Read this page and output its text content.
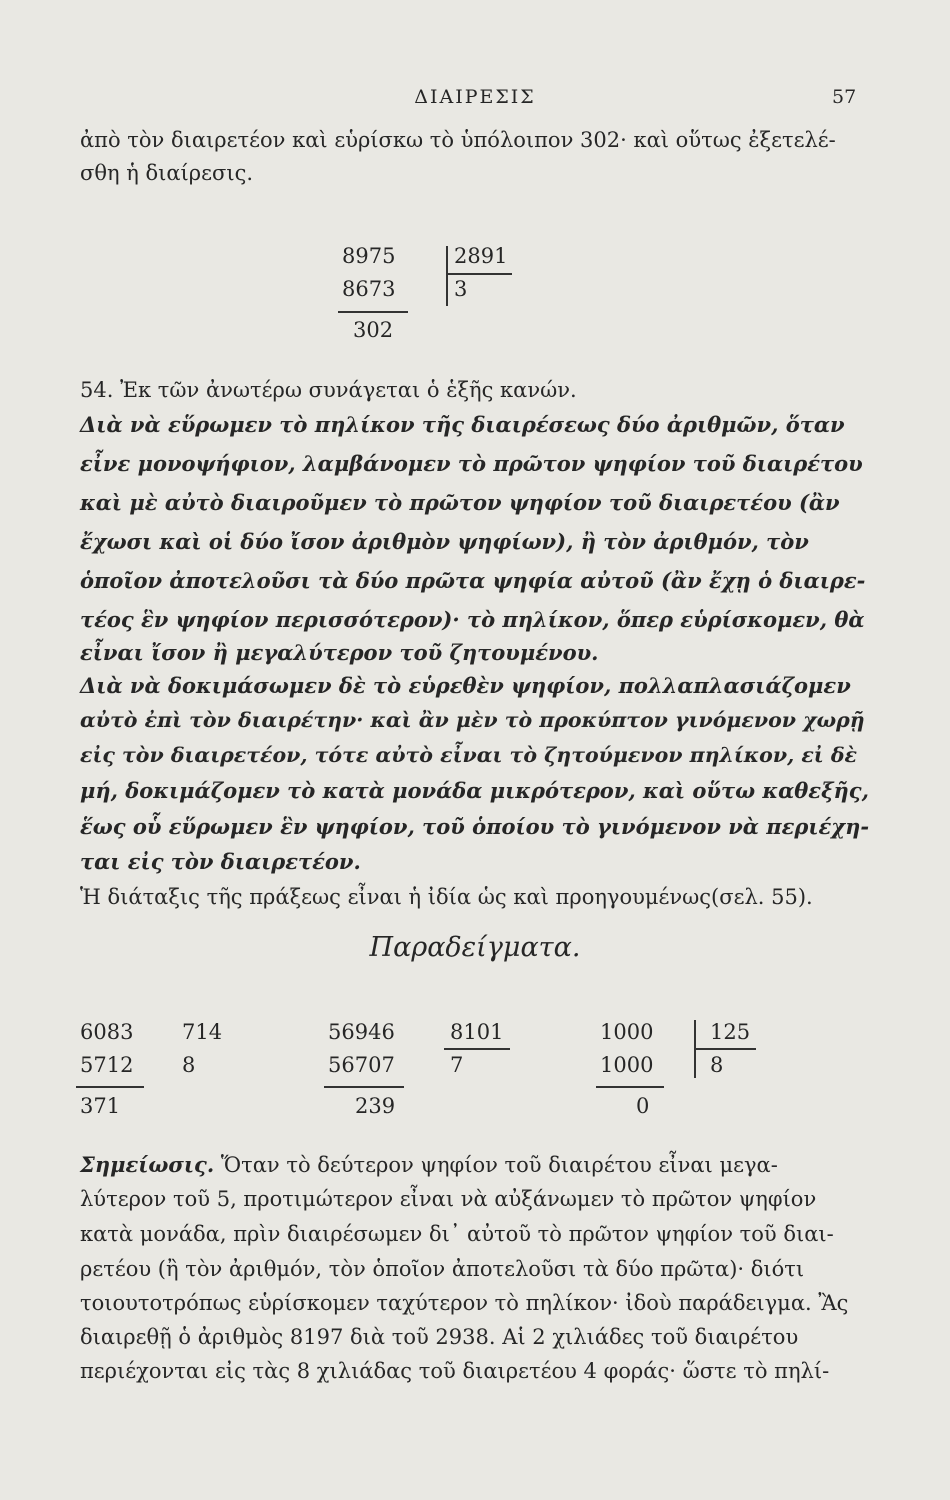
ΔΙΑΙΡΕΣΙΣ	57
ἀπὸ τὸν διαιρετέον καὶ εὑρίσκω τὸ ὑπόλοιπον 302· καὶ οὕτως ἐξετελέ-
σθη ἡ διαίρεσις.
8975	2891
8673	3
302
54. Ἐκ τῶν ἀνωτέρω συνάγεται ὁ ἑξῆς κανών.
Διὰ νὰ εὕρωμεν τὸ πηλίκον τῆς διαιρέσεως δύο ἀριθμῶν, ὅταν
εἶνε μονοψήφιον, λαμβάνομεν τὸ πρῶτον ψηφίον τοῦ διαιρέτου
καὶ μὲ αὐτὸ διαιροῦμεν τὸ πρῶτον ψηφίον τοῦ διαιρετέου (ἂν
ἔχωσι καὶ οἱ δύο ἴσον ἀριθμὸν ψηφίων), ἢ τὸν ἀριθμόν, τὸν
ὁποῖον ἀποτελοῦσι τὰ δύο πρῶτα ψηφία αὐτοῦ (ἂν ἔχῃ ὁ διαιρε-
τέος ἓν ψηφίον περισσότερον)· τὸ πηλίκον, ὅπερ εὑρίσκομεν, θὰ
εἶναι ἴσον ἢ μεγαλύτερον τοῦ ζητουμένου.
Διὰ νὰ δοκιμάσωμεν δὲ τὸ εὑρεθὲν ψηφίον, πολλαπλασιάζομεν
αὐτὸ ἐπὶ τὸν διαιρέτην· καὶ ἂν μὲν τὸ προκύπτον γινόμενον χωρῇ
εἰς τὸν διαιρετέον, τότε αὐτὸ εἶναι τὸ ζητούμενον πηλίκον, εἰ δὲ
μή, δοκιμάζομεν τὸ κατὰ μονάδα μικρότερον, καὶ οὕτω καθεξῆς,
ἕως οὗ εὕρωμεν ἓν ψηφίον, τοῦ ὁποίου τὸ γινόμενον νὰ περιέχη-
ται εἰς τὸν διαιρετέον.
Ἡ διάταξις τῆς πράξεως εἶναι ἡ ἰδία ὡς καὶ προηγουμένως(σελ. 55).
Παραδείγματα.
6083 714
5712 8
371
56946	8101
56707	7
239
1000	125
1000	8
0
Σημείωσις. Ὅταν τὸ δεύτερον ψηφίον τοῦ διαιρέτου εἶναι μεγα-
λύτερον τοῦ 5, προτιμώτερον εἶναι νὰ αὐξάνωμεν τὸ πρῶτον ψηφίον
κατὰ μονάδα, πρὶν διαιρέσωμεν δι᾽ αὐτοῦ τὸ πρῶτον ψηφίον τοῦ διαι-
ρετέου (ἢ τὸν ἀριθμόν, τὸν ὁποῖον ἀποτελοῦσι τὰ δύο πρῶτα)· διότι
τοιουτοτρόπως εὑρίσκομεν ταχύτερον τὸ πηλίκον· ἰδοὺ παράδειγμα. Ἂς
διαιρεθῇ ὁ ἀριθμὸς 8197 διὰ τοῦ 2938. Αἱ 2 χιλιάδες τοῦ διαιρέτου
περιέχονται εἰς τὰς 8 χιλιάδας τοῦ διαιρετέου 4 φοράς· ὥστε τὸ πηλί-
